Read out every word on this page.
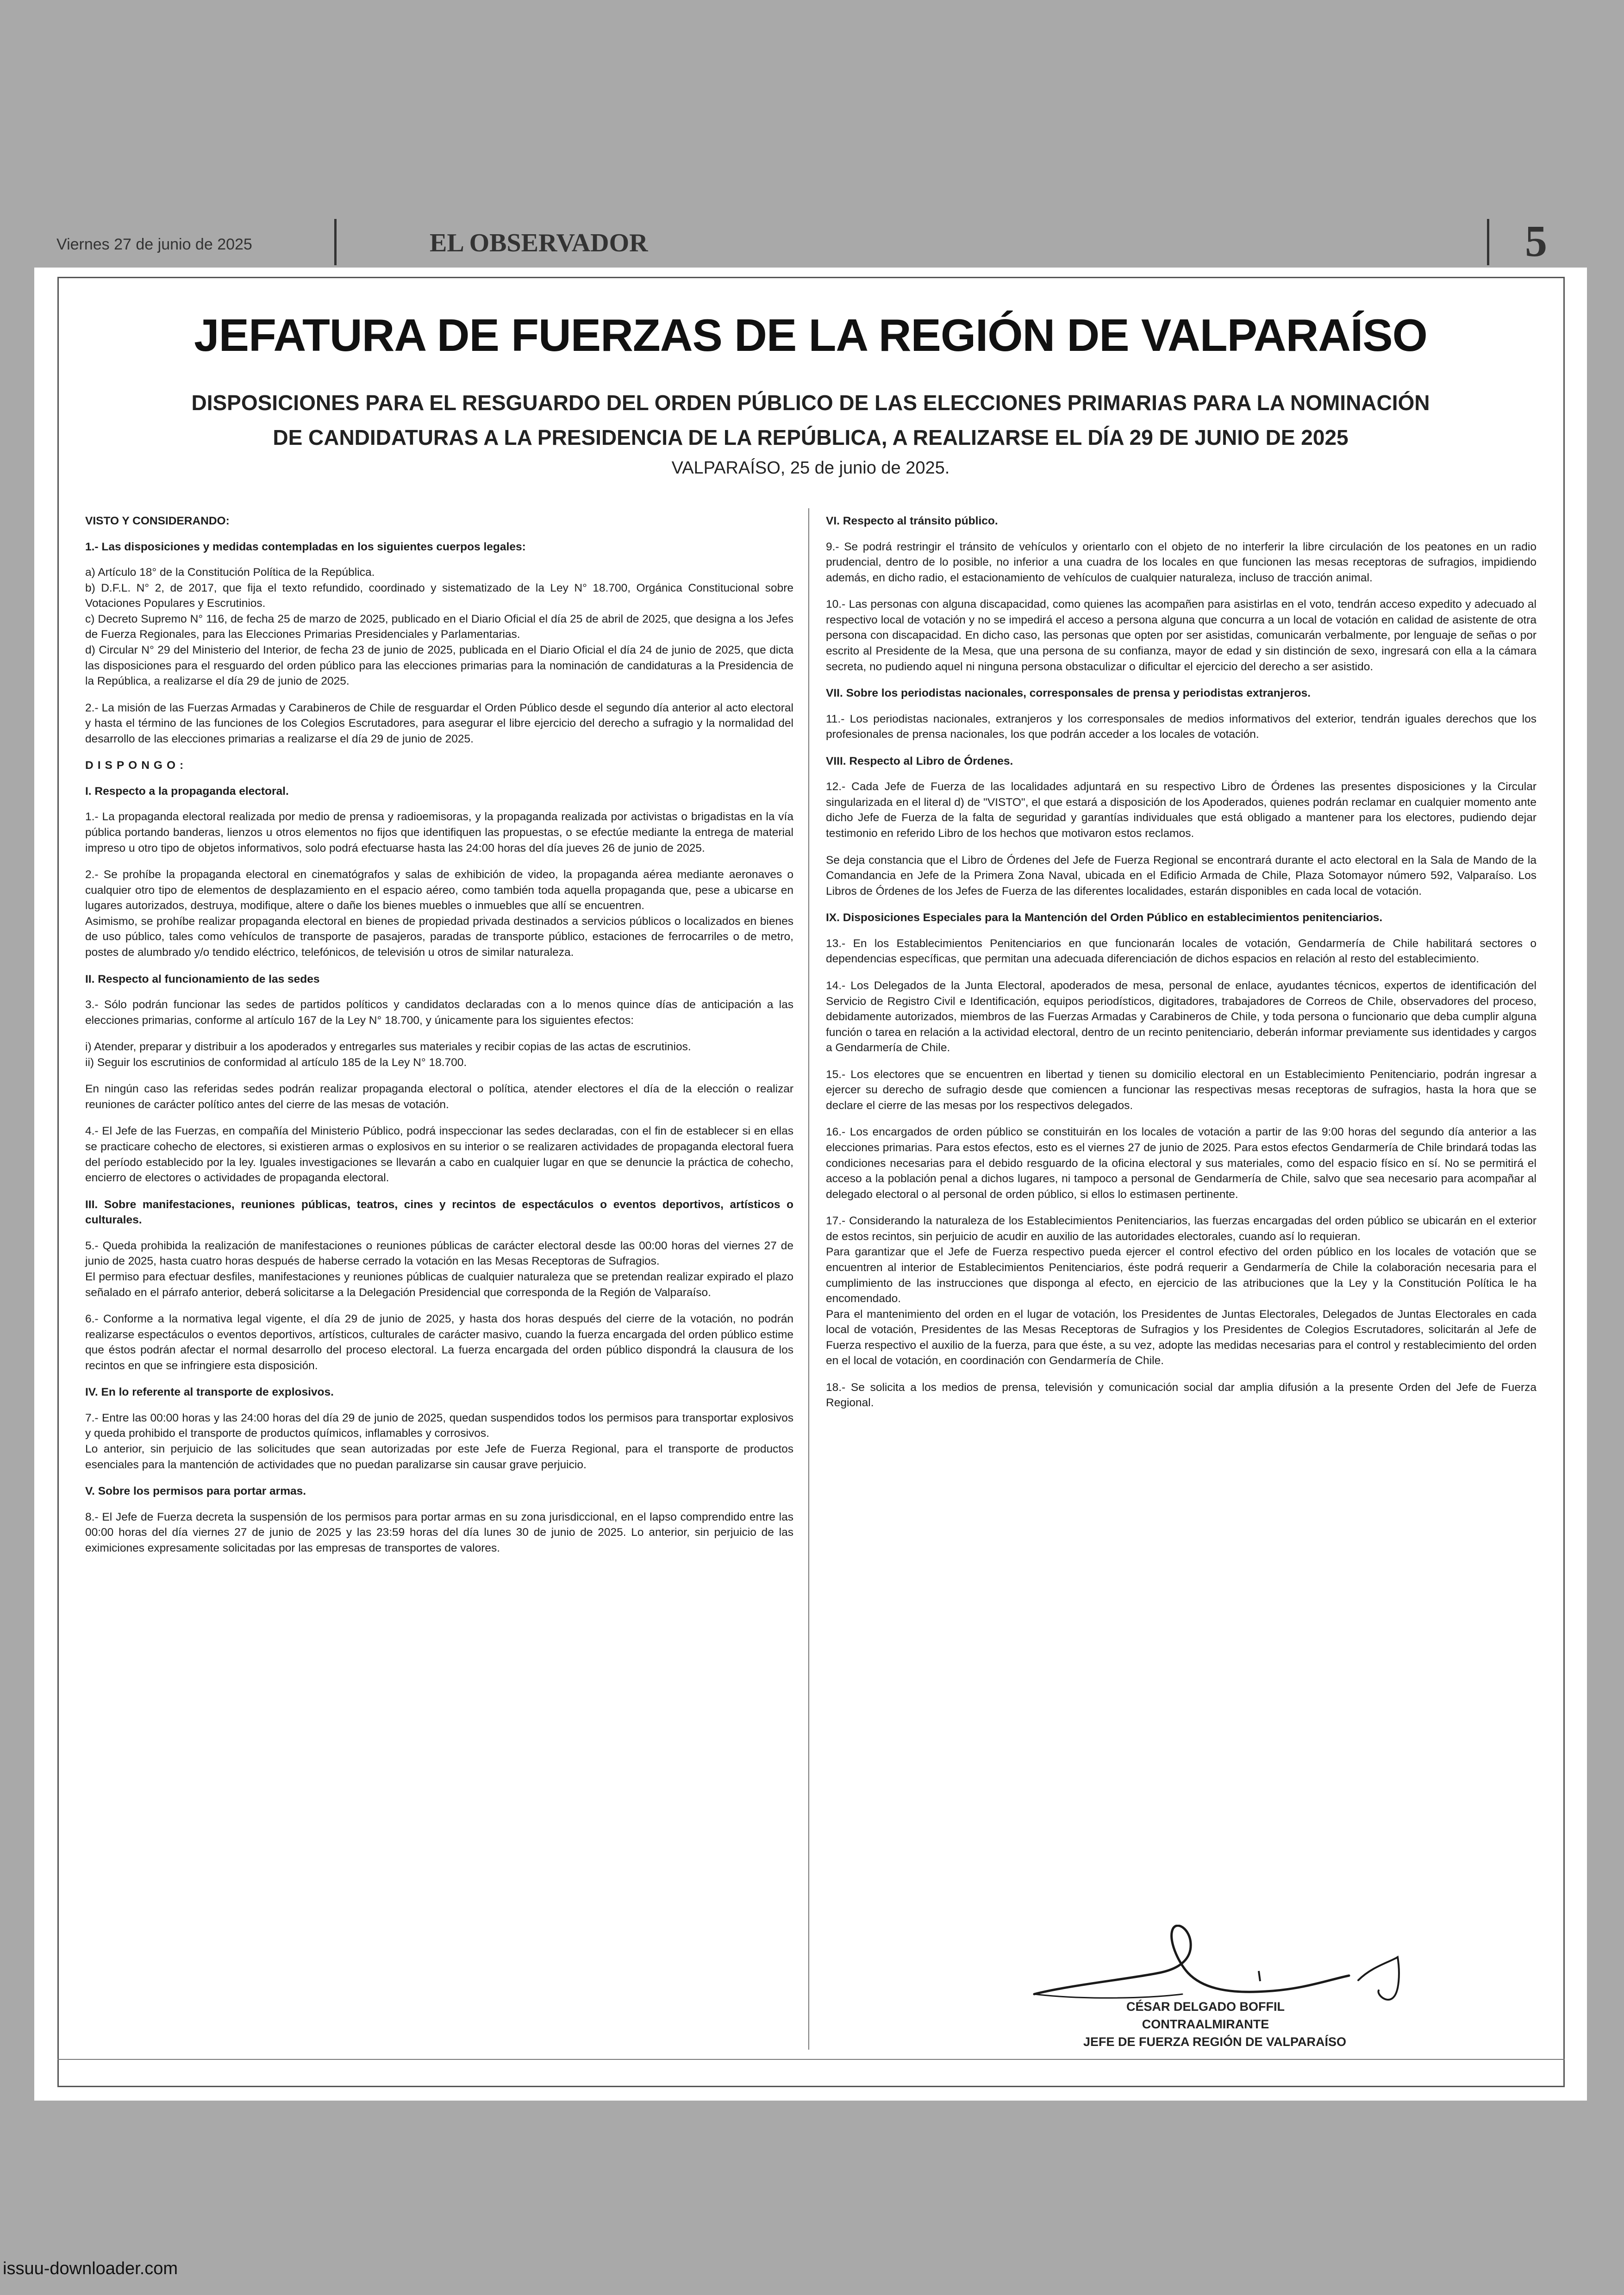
Viernes 27 de junio de 2025	EL OBSERVADOR	5
JEFATURA DE FUERZAS DE LA REGIÓN DE VALPARAÍSO
DISPOSICIONES PARA EL RESGUARDO DEL ORDEN PÚBLICO DE LAS ELECCIONES PRIMARIAS PARA LA NOMINACIÓN
DE CANDIDATURAS A LA PRESIDENCIA DE LA REPÚBLICA, A REALIZARSE EL DÍA 29 DE JUNIO DE 2025
VALPARAÍSO, 25 de junio de 2025.

VISTO Y CONSIDERANDO:

1.- Las disposiciones y medidas contempladas en los siguientes cuerpos legales:

a) Artículo 18° de la Constitución Política de la República.

b) D.F.L. N° 2, de 2017, que fija el texto refundido, coordinado y sistematizado de la Ley N° 18.700, Orgánica Constitucional sobre Votaciones Populares y Escrutinios.

c) Decreto Supremo N° 116, de fecha 25 de marzo de 2025, publicado en el Diario Oficial el día 25 de abril de 2025, que designa a los Jefes de Fuerza Regionales, para las Elecciones Primarias Presidenciales y Parlamentarias.

d) Circular N° 29 del Ministerio del Interior, de fecha 23 de junio de 2025, publicada en el Diario Oficial el día 24 de junio de 2025, que dicta las disposiciones para el resguardo del orden público para las elecciones primarias para la nominación de candidaturas a la Presidencia de la República, a realizarse el día 29 de junio de 2025.

2.- La misión de las Fuerzas Armadas y Carabineros de Chile de resguardar el Orden Público desde el segundo día anterior al acto electoral y hasta el término de las funciones de los Colegios Escrutadores, para asegurar el libre ejercicio del derecho a sufragio y la normalidad del desarrollo de las elecciones primarias a realizarse el día 29 de junio de 2025.

DISPONGO:

I. Respecto a la propaganda electoral.

1.- La propaganda electoral realizada por medio de prensa y radioemisoras, y la propaganda realizada por activistas o brigadistas en la vía pública portando banderas, lienzos u otros elementos no fijos que identifiquen las propuestas, o se efectúe mediante la entrega de material impreso u otro tipo de objetos informativos, solo podrá efectuarse hasta las 24:00 horas del día jueves 26 de junio de 2025.

2.- Se prohíbe la propaganda electoral en cinematógrafos y salas de exhibición de video, la propaganda aérea mediante aeronaves o cualquier otro tipo de elementos de desplazamiento en el espacio aéreo, como también toda aquella propaganda que, pese a ubicarse en lugares autorizados, destruya, modifique, altere o dañe los bienes muebles o inmuebles que allí se encuentren.

Asimismo, se prohíbe realizar propaganda electoral en bienes de propiedad privada destinados a servicios públicos o localizados en bienes de uso público, tales como vehículos de transporte de pasajeros, paradas de transporte público, estaciones de ferrocarriles o de metro, postes de alumbrado y/o tendido eléctrico, telefónicos, de televisión u otros de similar naturaleza.

II. Respecto al funcionamiento de las sedes

3.- Sólo podrán funcionar las sedes de partidos políticos y candidatos declaradas con a lo menos quince días de anticipación a las elecciones primarias, conforme al artículo 167 de la Ley N° 18.700, y únicamente para los siguientes efectos:

i) Atender, preparar y distribuir a los apoderados y entregarles sus materiales y recibir copias de las actas de escrutinios.

ii) Seguir los escrutinios de conformidad al artículo 185 de la Ley N° 18.700.

En ningún caso las referidas sedes podrán realizar propaganda electoral o política, atender electores el día de la elección o realizar reuniones de carácter político antes del cierre de las mesas de votación.

4.- El Jefe de las Fuerzas, en compañía del Ministerio Público, podrá inspeccionar las sedes declaradas, con el fin de establecer si en ellas se practicare cohecho de electores, si existieren armas o explosivos en su interior o se realizaren actividades de propaganda electoral fuera del período establecido por la ley. Iguales investigaciones se llevarán a cabo en cualquier lugar en que se denuncie la práctica de cohecho, encierro de electores o actividades de propaganda electoral.

III. Sobre manifestaciones, reuniones públicas, teatros, cines y recintos de espectáculos o eventos deportivos, artísticos o culturales.

5.- Queda prohibida la realización de manifestaciones o reuniones públicas de carácter electoral desde las 00:00 horas del viernes 27 de junio de 2025, hasta cuatro horas después de haberse cerrado la votación en las Mesas Receptoras de Sufragios.

El permiso para efectuar desfiles, manifestaciones y reuniones públicas de cualquier naturaleza que se pretendan realizar expirado el plazo señalado en el párrafo anterior, deberá solicitarse a la Delegación Presidencial que corresponda de la Región de Valparaíso.

6.- Conforme a la normativa legal vigente, el día 29 de junio de 2025, y hasta dos horas después del cierre de la votación, no podrán realizarse espectáculos o eventos deportivos, artísticos, culturales de carácter masivo, cuando la fuerza encargada del orden público estime que éstos podrán afectar el normal desarrollo del proceso electoral. La fuerza encargada del orden público dispondrá la clausura de los recintos en que se infringiere esta disposición.

IV. En lo referente al transporte de explosivos.

7.- Entre las 00:00 horas y las 24:00 horas del día 29 de junio de 2025, quedan suspendidos todos los permisos para transportar explosivos y queda prohibido el transporte de productos químicos, inflamables y corrosivos.

Lo anterior, sin perjuicio de las solicitudes que sean autorizadas por este Jefe de Fuerza Regional, para el transporte de productos esenciales para la mantención de actividades que no puedan paralizarse sin causar grave perjuicio.

V. Sobre los permisos para portar armas.

8.- El Jefe de Fuerza decreta la suspensión de los permisos para portar armas en su zona jurisdiccional, en el lapso comprendido entre las 00:00 horas del día viernes 27 de junio de 2025 y las 23:59 horas del día lunes 30 de junio de 2025. Lo anterior, sin perjuicio de las eximiciones expresamente solicitadas por las empresas de transportes de valores.

VI. Respecto al tránsito público.

9.- Se podrá restringir el tránsito de vehículos y orientarlo con el objeto de no interferir la libre circulación de los peatones en un radio prudencial, dentro de lo posible, no inferior a una cuadra de los locales en que funcionen las mesas receptoras de sufragios, impidiendo además, en dicho radio, el estacionamiento de vehículos de cualquier naturaleza, incluso de tracción animal.

10.- Las personas con alguna discapacidad, como quienes las acompañen para asistirlas en el voto, tendrán acceso expedito y adecuado al respectivo local de votación y no se impedirá el acceso a persona alguna que concurra a un local de votación en calidad de asistente de otra persona con discapacidad. En dicho caso, las personas que opten por ser asistidas, comunicarán verbalmente, por lenguaje de señas o por escrito al Presidente de la Mesa, que una persona de su confianza, mayor de edad y sin distinción de sexo, ingresará con ella a la cámara secreta, no pudiendo aquel ni ninguna persona obstaculizar o dificultar el ejercicio del derecho a ser asistido.

VII. Sobre los periodistas nacionales, corresponsales de prensa y periodistas extranjeros.

11.- Los periodistas nacionales, extranjeros y los corresponsales de medios informativos del exterior, tendrán iguales derechos que los profesionales de prensa nacionales, los que podrán acceder a los locales de votación.

VIII. Respecto al Libro de Órdenes.

12.- Cada Jefe de Fuerza de las localidades adjuntará en su respectivo Libro de Órdenes las presentes disposiciones y la Circular singularizada en el literal d) de "VISTO", el que estará a disposición de los Apoderados, quienes podrán reclamar en cualquier momento ante dicho Jefe de Fuerza de la falta de seguridad y garantías individuales que está obligado a mantener para los electores, pudiendo dejar testimonio en referido Libro de los hechos que motivaron estos reclamos.

Se deja constancia que el Libro de Órdenes del Jefe de Fuerza Regional se encontrará durante el acto electoral en la Sala de Mando de la Comandancia en Jefe de la Primera Zona Naval, ubicada en el Edificio Armada de Chile, Plaza Sotomayor número 592, Valparaíso. Los Libros de Órdenes de los Jefes de Fuerza de las diferentes localidades, estarán disponibles en cada local de votación.

IX. Disposiciones Especiales para la Mantención del Orden Público en establecimientos penitenciarios.

13.- En los Establecimientos Penitenciarios en que funcionarán locales de votación, Gendarmería de Chile habilitará sectores o dependencias específicas, que permitan una adecuada diferenciación de dichos espacios en relación al resto del establecimiento.

14.- Los Delegados de la Junta Electoral, apoderados de mesa, personal de enlace, ayudantes técnicos, expertos de identificación del Servicio de Registro Civil e Identificación, equipos periodísticos, digitadores, trabajadores de Correos de Chile, observadores del proceso, debidamente autorizados, miembros de las Fuerzas Armadas y Carabineros de Chile, y toda persona o funcionario que deba cumplir alguna función o tarea en relación a la actividad electoral, dentro de un recinto penitenciario, deberán informar previamente sus identidades y cargos a Gendarmería de Chile.

15.- Los electores que se encuentren en libertad y tienen su domicilio electoral en un Establecimiento Penitenciario, podrán ingresar a ejercer su derecho de sufragio desde que comiencen a funcionar las respectivas mesas receptoras de sufragios, hasta la hora que se declare el cierre de las mesas por los respectivos delegados.

16.- Los encargados de orden público se constituirán en los locales de votación a partir de las 9:00 horas del segundo día anterior a las elecciones primarias. Para estos efectos, esto es el viernes 27 de junio de 2025. Para estos efectos Gendarmería de Chile brindará todas las condiciones necesarias para el debido resguardo de la oficina electoral y sus materiales, como del espacio físico en sí. No se permitirá el acceso a la población penal a dichos lugares, ni tampoco a personal de Gendarmería de Chile, salvo que sea necesario para acompañar al delegado electoral o al personal de orden público, si ellos lo estimasen pertinente.

17.- Considerando la naturaleza de los Establecimientos Penitenciarios, las fuerzas encargadas del orden público se ubicarán en el exterior de estos recintos, sin perjuicio de acudir en auxilio de las autoridades electorales, cuando así lo requieran.

Para garantizar que el Jefe de Fuerza respectivo pueda ejercer el control efectivo del orden público en los locales de votación que se encuentren al interior de Establecimientos Penitenciarios, éste podrá requerir a Gendarmería de Chile la colaboración necesaria para el cumplimiento de las instrucciones que disponga al efecto, en ejercicio de las atribuciones que la Ley y la Constitución Política le ha encomendado.

Para el mantenimiento del orden en el lugar de votación, los Presidentes de Juntas Electorales, Delegados de Juntas Electorales en cada local de votación, Presidentes de las Mesas Receptoras de Sufragios y los Presidentes de Colegios Escrutadores, solicitarán al Jefe de Fuerza respectivo el auxilio de la fuerza, para que éste, a su vez, adopte las medidas necesarias para el control y restablecimiento del orden en el local de votación, en coordinación con Gendarmería de Chile.

18.- Se solicita a los medios de prensa, televisión y comunicación social dar amplia difusión a la presente Orden del Jefe de Fuerza Regional.

CÉSAR DELGADO BOFFIL
CONTRAALMIRANTE
JEFE DE FUERZA REGIÓN DE VALPARAÍSO
issuu-downloader.com
